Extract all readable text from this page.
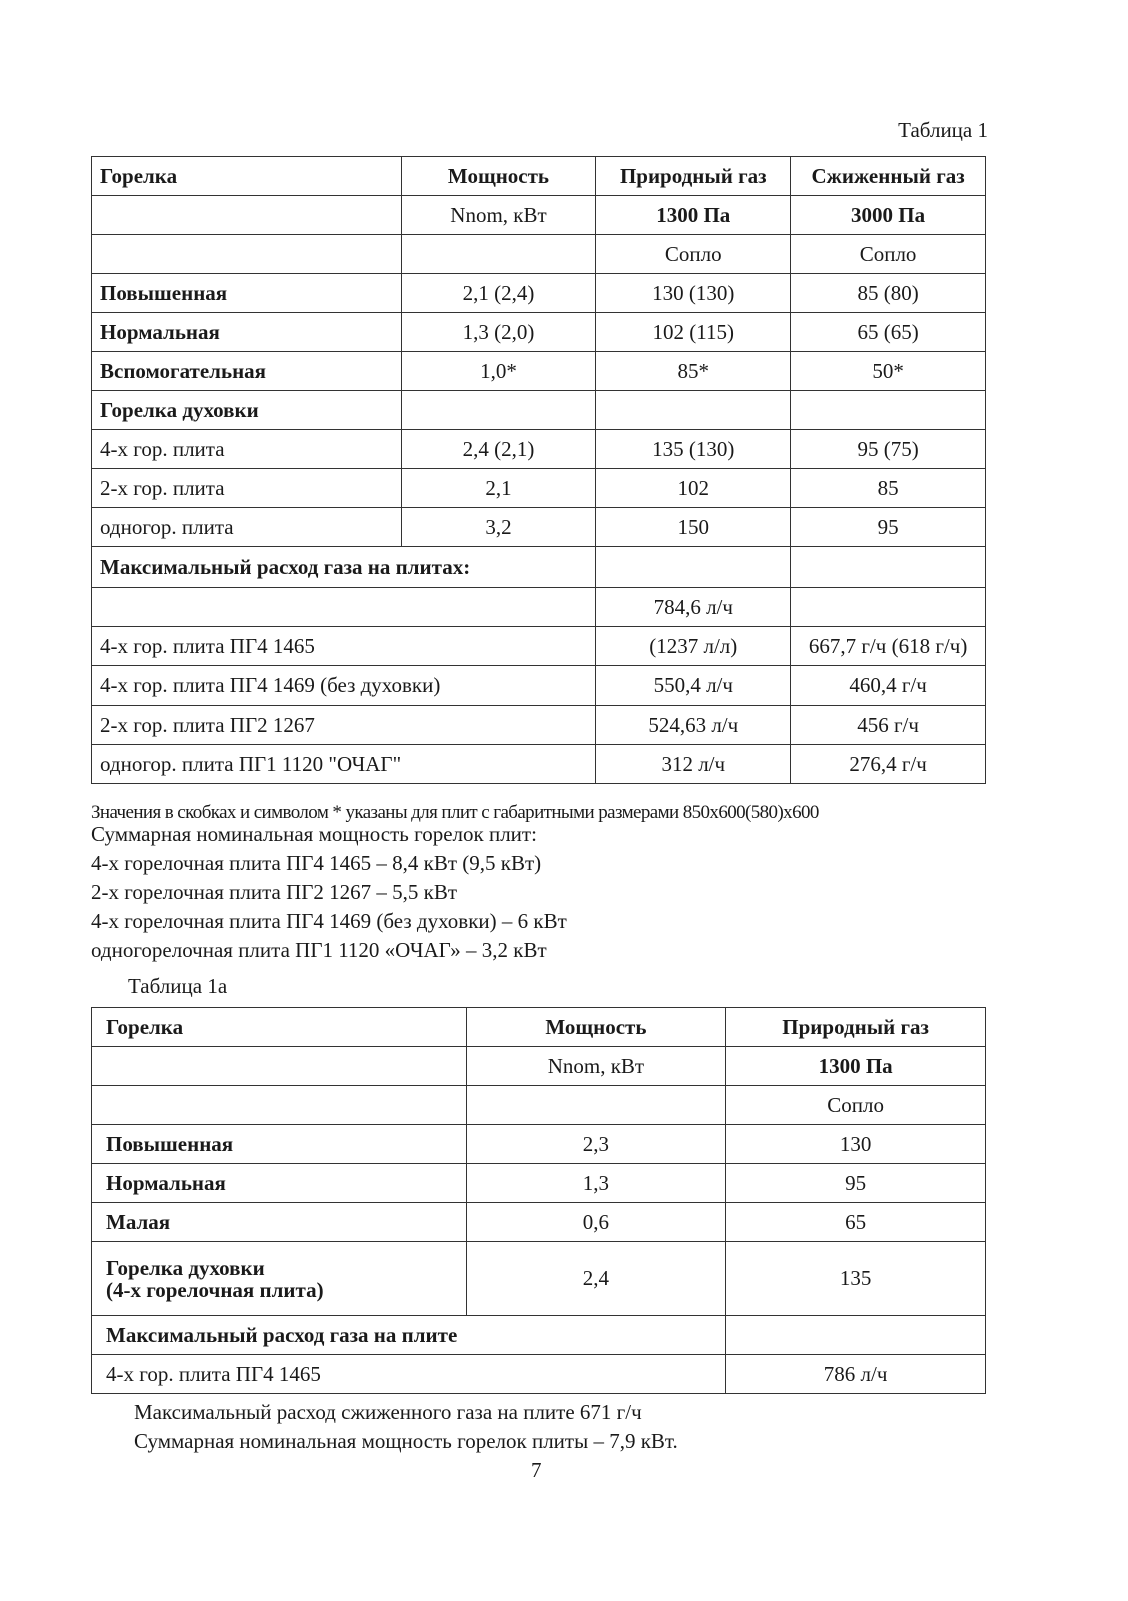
Таблица 1
Горелка	Мощность	Природный газ	Сжиженный газ
	Nnom, кВт	1300 Па	3000 Па
		Сопло	Сопло
Повышенная	2,1 (2,4)	130 (130)	85 (80)
Нормальная	1,3 (2,0)	102 (115)	65 (65)
Вспомогательная	1,0*	85*	50*
Горелка духовки			
4-х гор. плита	2,4 (2,1)	135 (130)	95 (75)
2-х гор. плита	2,1	102	85
одногор. плита	3,2	150	95
Максимальный расход газа на плитах:			
		784,6 л/ч	
4-х гор. плита ПГ4 1465		(1237 л/л)	667,7 г/ч (618 г/ч)
4-х гор. плита ПГ4 1469 (без духовки)		550,4 л/ч	460,4 г/ч
2-х гор. плита ПГ2 1267		524,63 л/ч	456 г/ч
одногор. плита ПГ1 1120 "ОЧАГ"		312 л/ч	276,4 г/ч
Значения в скобках и символом * указаны для плит с габаритными размерами 850х600(580)х600
Суммарная номинальная мощность горелок плит:
4-х горелочная плита ПГ4 1465 – 8,4 кВт (9,5 кВт)
2-х горелочная плита ПГ2 1267 – 5,5 кВт
4-х горелочная плита ПГ4 1469 (без духовки) – 6 кВт
одногорелочная плита ПГ1 1120 «ОЧАГ» – 3,2 кВт
Таблица 1а
Горелка	Мощность	Природный газ
	Nnom, кВт	1300 Па
		Сопло
Повышенная	2,3	130
Нормальная	1,3	95
Малая	0,6	65

Горелка духовки
(4-х горелочная плита)	2,4	135
Максимальный расход газа на плите		
4-х гор. плита ПГ4 1465		786 л/ч
Максимальный расход сжиженного газа на плите 671 г/ч
Суммарная номинальная мощность горелок плиты – 7,9 кВт.
7
